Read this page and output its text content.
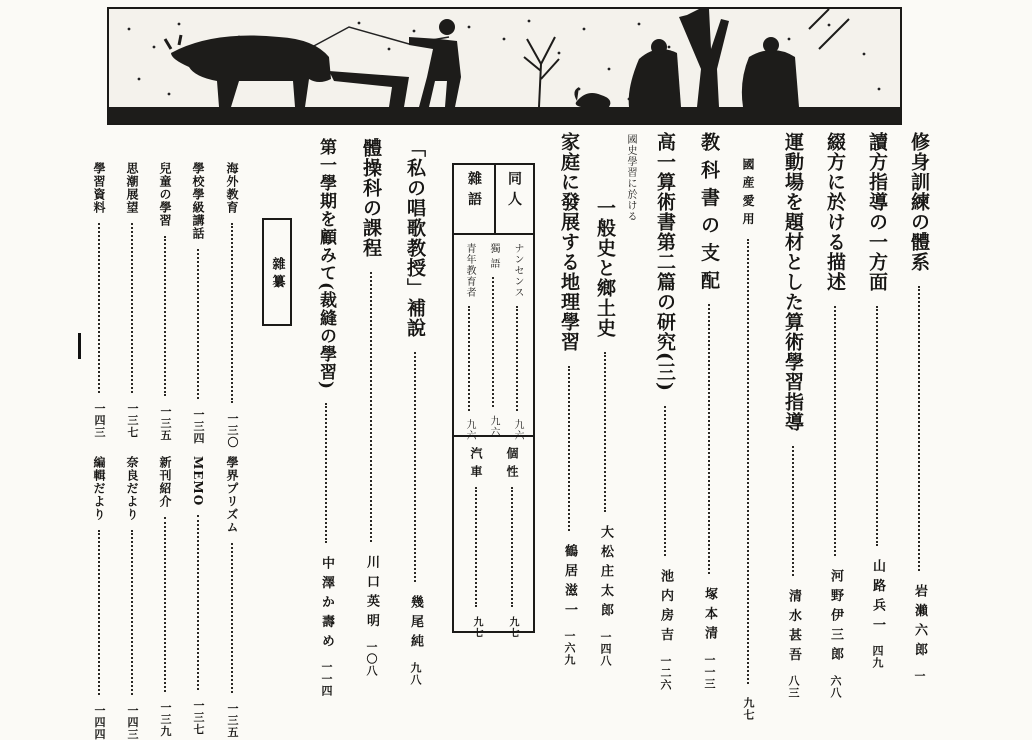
修身訓練の體系  岩 瀨 六 郎 一
讀方指導の一方面  山 路 兵 一 四九
綴方に於ける描述  河 野 伊 三 郎 六八
運動場を題材とした算術學習指導  清 水 甚 吾 八三
國 産 愛 用  九七
教 科 書 の 支 配  塚 本 清 一一三
高一算術書第二篇の研究(三)  池 内 房 吉 一二六
國史學習に於ける
一般史と鄉土史  大 松 庄 太 郎 一四八
家庭に發展する地理學習  鶴 居 滋 一 一六九
同 人
雜 語
ナンセンス  九六
獨 語  九六
青年教育者  九六
個 性  九七
汽 車  九七
「私の唱歌教授」補說  幾 尾 純 九八
體操科の課程  川 口 英 明 一〇八
第一學期を顧みて(裁縫の學習)  中 澤 か 壽 め 一一四
雜 纂
海外教育  一三〇
學校學級講話  一三四
兒童の學習  一三五
思潮展望  一三七
學習資料  一四三
學界プリズム  一三五
MEMO  一三七
新刊紹介  一三九
奈良だより  一四三
編輯だより  一四四
